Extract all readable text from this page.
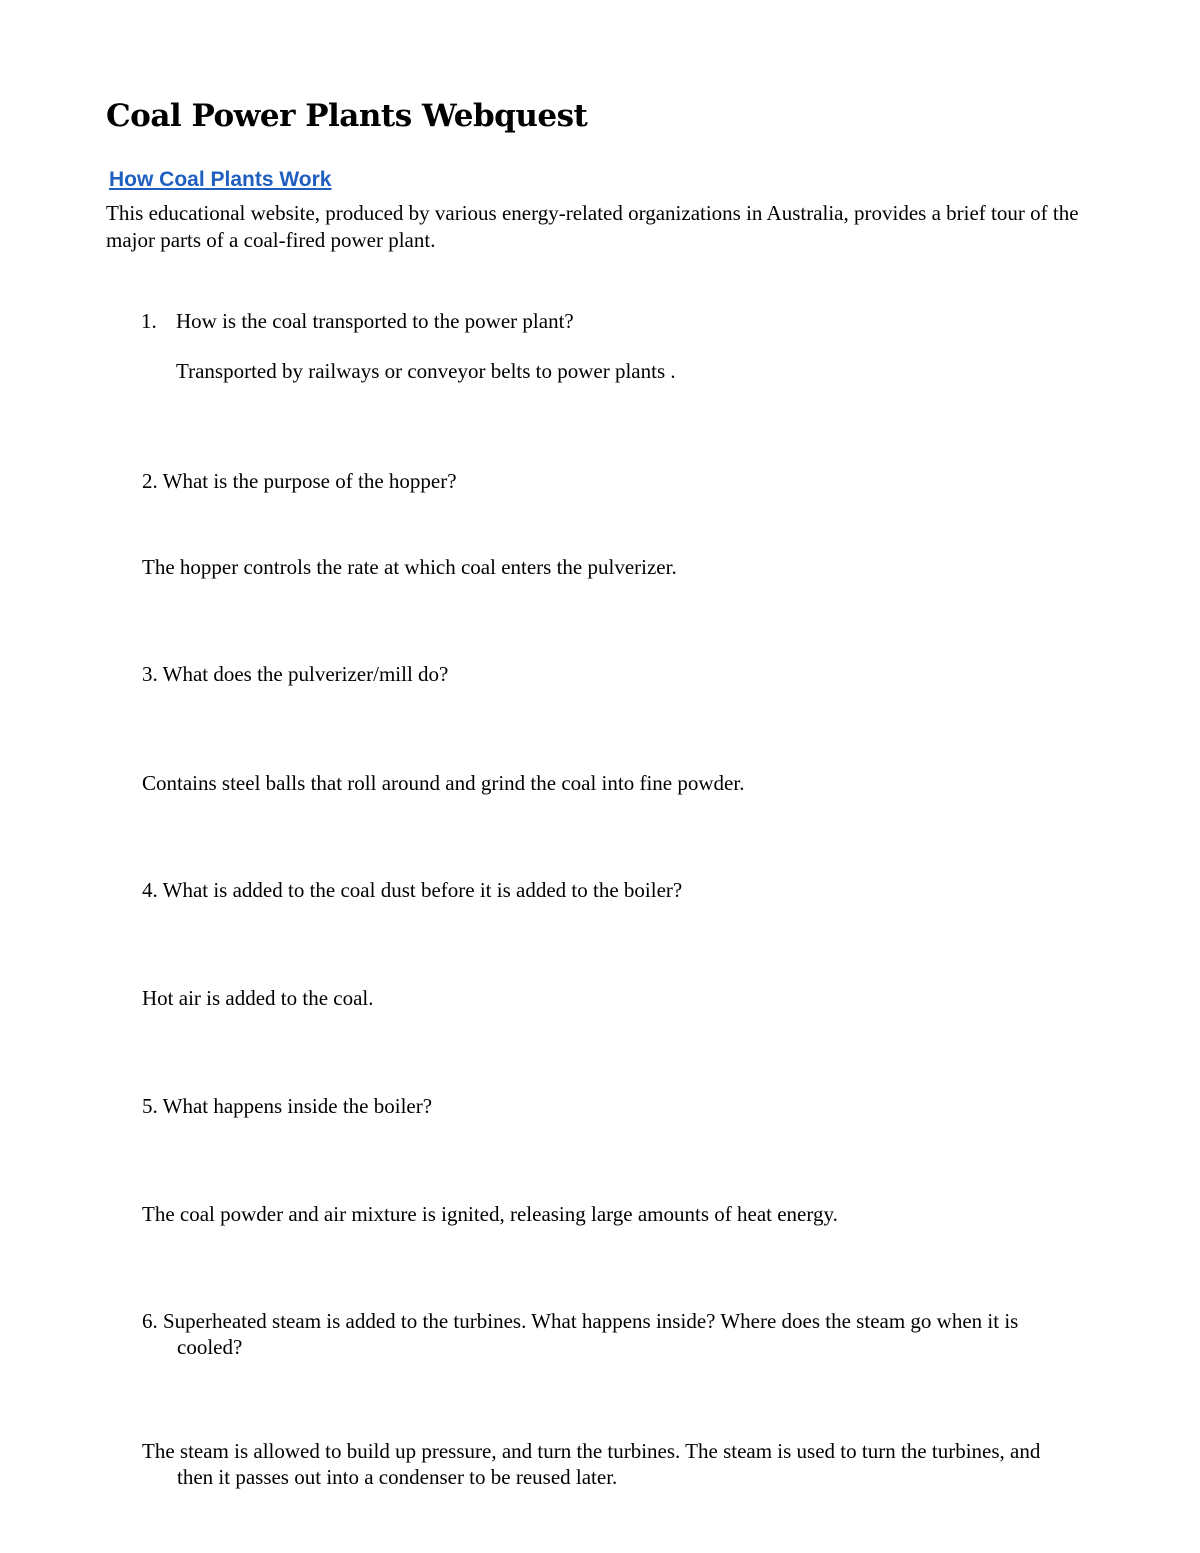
Coal Power Plants Webquest
How Coal Plants Work

This educational website, produced by various energy-related organizations in Australia, provides a brief tour of the major parts of a coal-fired power plant.

1. How is the coal transported to the power plant?

Transported by railways or conveyor belts to power plants .

2. What is the purpose of the hopper?

The hopper controls the rate at which coal enters the pulverizer.

3. What does the pulverizer/mill do?

Contains steel balls that roll around and grind the coal into fine powder.

4. What is added to the coal dust before it is added to the boiler?

Hot air is added to the coal.

5. What happens inside the boiler?

The coal powder and air mixture is ignited, releasing large amounts of heat energy.

6. Superheated steam is added to the turbines. What happens inside? Where does the steam go when it is cooled?

The steam is allowed to build up pressure, and turn the turbines. The steam is used to turn the turbines, and then it passes out into a condenser to be reused later.
